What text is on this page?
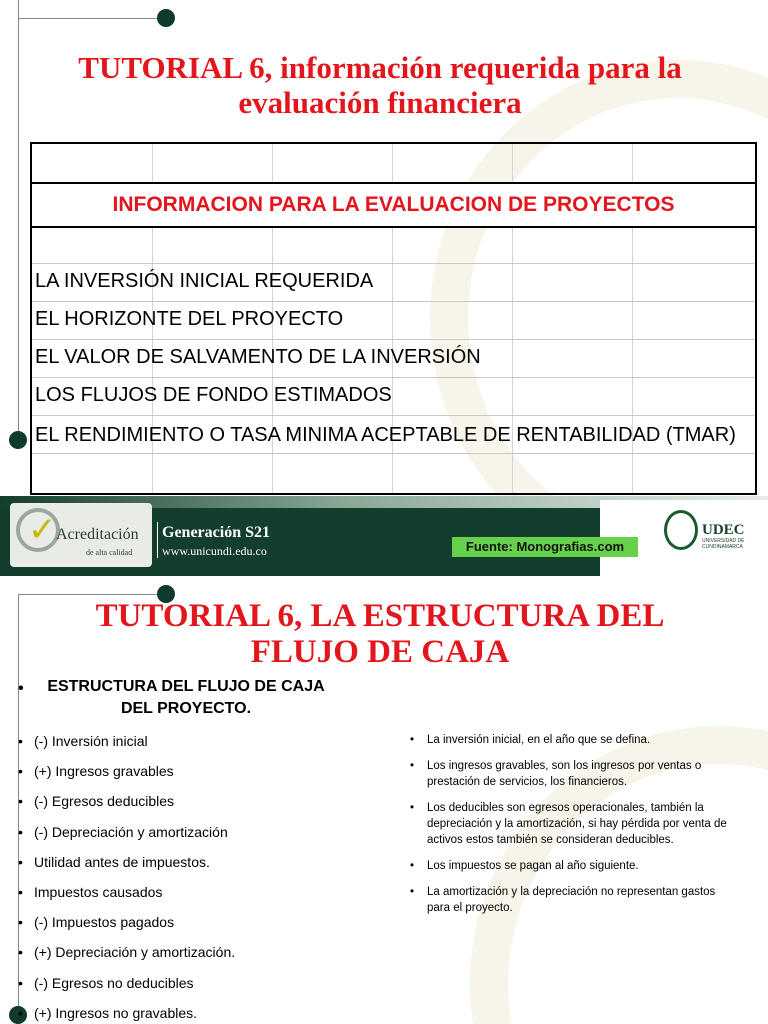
TUTORIAL 6, información requerida para la evaluación financiera
INFORMACION PARA LA EVALUACION DE PROYECTOS
LA INVERSIÓN INICIAL REQUERIDA
EL HORIZONTE DEL PROYECTO
EL VALOR DE SALVAMENTO DE LA INVERSIÓN
LOS FLUJOS DE FONDO ESTIMADOS
EL RENDIMIENTO O TASA MINIMA ACEPTABLE DE RENTABILIDAD (TMAR)
✓
Acreditación
de alta calidad
Generación S21
www.unicundi.edu.co	Fuente: Monografias.com
UDEC
UNIVERSIDAD DE CUNDINAMARCA
TUTORIAL 6, LA ESTRUCTURA DEL FLUJO DE CAJA
•	ESTRUCTURA DEL FLUJO DE CAJA DEL PROYECTO.
• (-) Inversión inicial
• (+) Ingresos gravables
• (-) Egresos deducibles
• (-) Depreciación y amortización
• Utilidad antes de impuestos.
• Impuestos causados
• (-) Impuestos pagados
• (+) Depreciación y amortización.
• (-) Egresos no deducibles
• (+) Ingresos no gravables.
• La inversión inicial, en el año que se defina.
• Los ingresos gravables, son los ingresos por ventas o prestación de servicios, los financieros.
• Los deducibles son egresos operacionales, también la depreciación y la amortización, si hay pérdida por venta de activos estos también se consideran deducibles.
• Los impuestos se pagan al año siguiente.
• La amortización y la depreciación no representan gastos para el proyecto.
